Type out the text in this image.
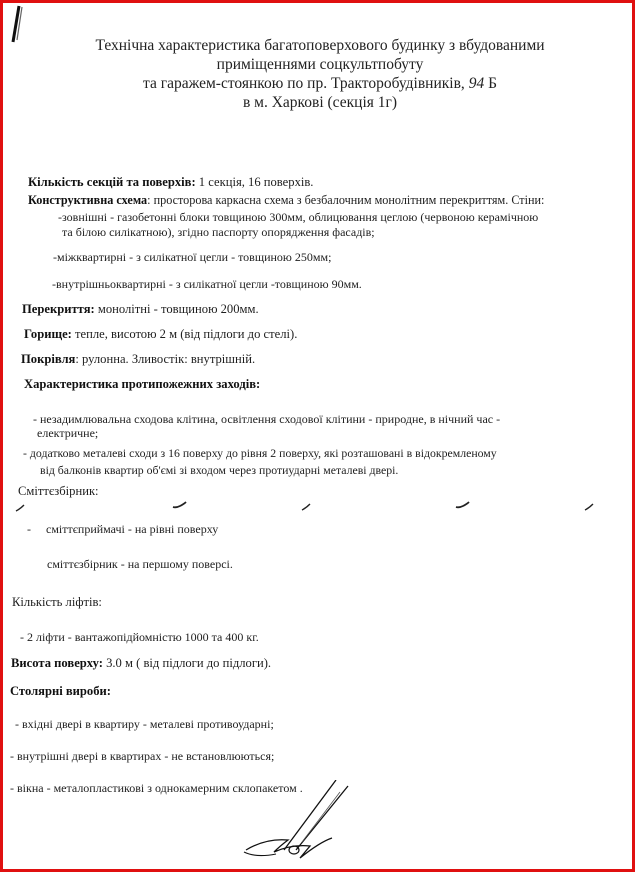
Технічна характеристика багатоповерхового будинку з вбудованими
приміщеннями соцкультпобуту
та гаражем-стоянкою по пр. Тракторобудівників, 94 Б
в м. Харкові (секція 1г)
Кількість секцій та поверхів: 1 секція, 16 поверхів.
Конструктивна схема: просторова каркасна схема з безбалочним монолітним перекриттям. Стіни:
-зовнішні - газобетонні блоки товщиною 300мм, облицювання цеглою (червоною керамічною
та білою силікатною), згідно паспорту опорядження фасадів;
-міжквартирні - з силікатної цегли - товщиною 250мм;
-внутрішньоквартирні - з силікатної цегли -товщиною 90мм.
Перекриття: монолітні - товщиною 200мм.
Горище: тепле, висотою 2 м (від підлоги до стелі).
Покрівля: рулонна. Зливостік: внутрішній.
Характеристика протипожежних заходів:
- незадимлювальна сходова клітина, освітлення сходової клітини - природне, в нічний час -
електричне;
- додатково металеві сходи з 16 поверху до рівня 2 поверху, які розташовані в відокремленому
від балконів квартир об'ємі зі входом через протиударні металеві двері.
Сміттєзбірник:
- сміттєприймачі - на рівні поверху
сміттєзбірник - на першому поверсі.
Кількість ліфтів:
- 2 ліфти - вантажопідйомністю 1000 та 400 кг.
Висота поверху: 3.0 м ( від підлоги до підлоги).
Столярні вироби:
- вхідні двері в квартиру - металеві противоударні;
- внутрішні двері в квартирах - не встановлюються;
- вікна - металопластикові з однокамерним склопакетом .
